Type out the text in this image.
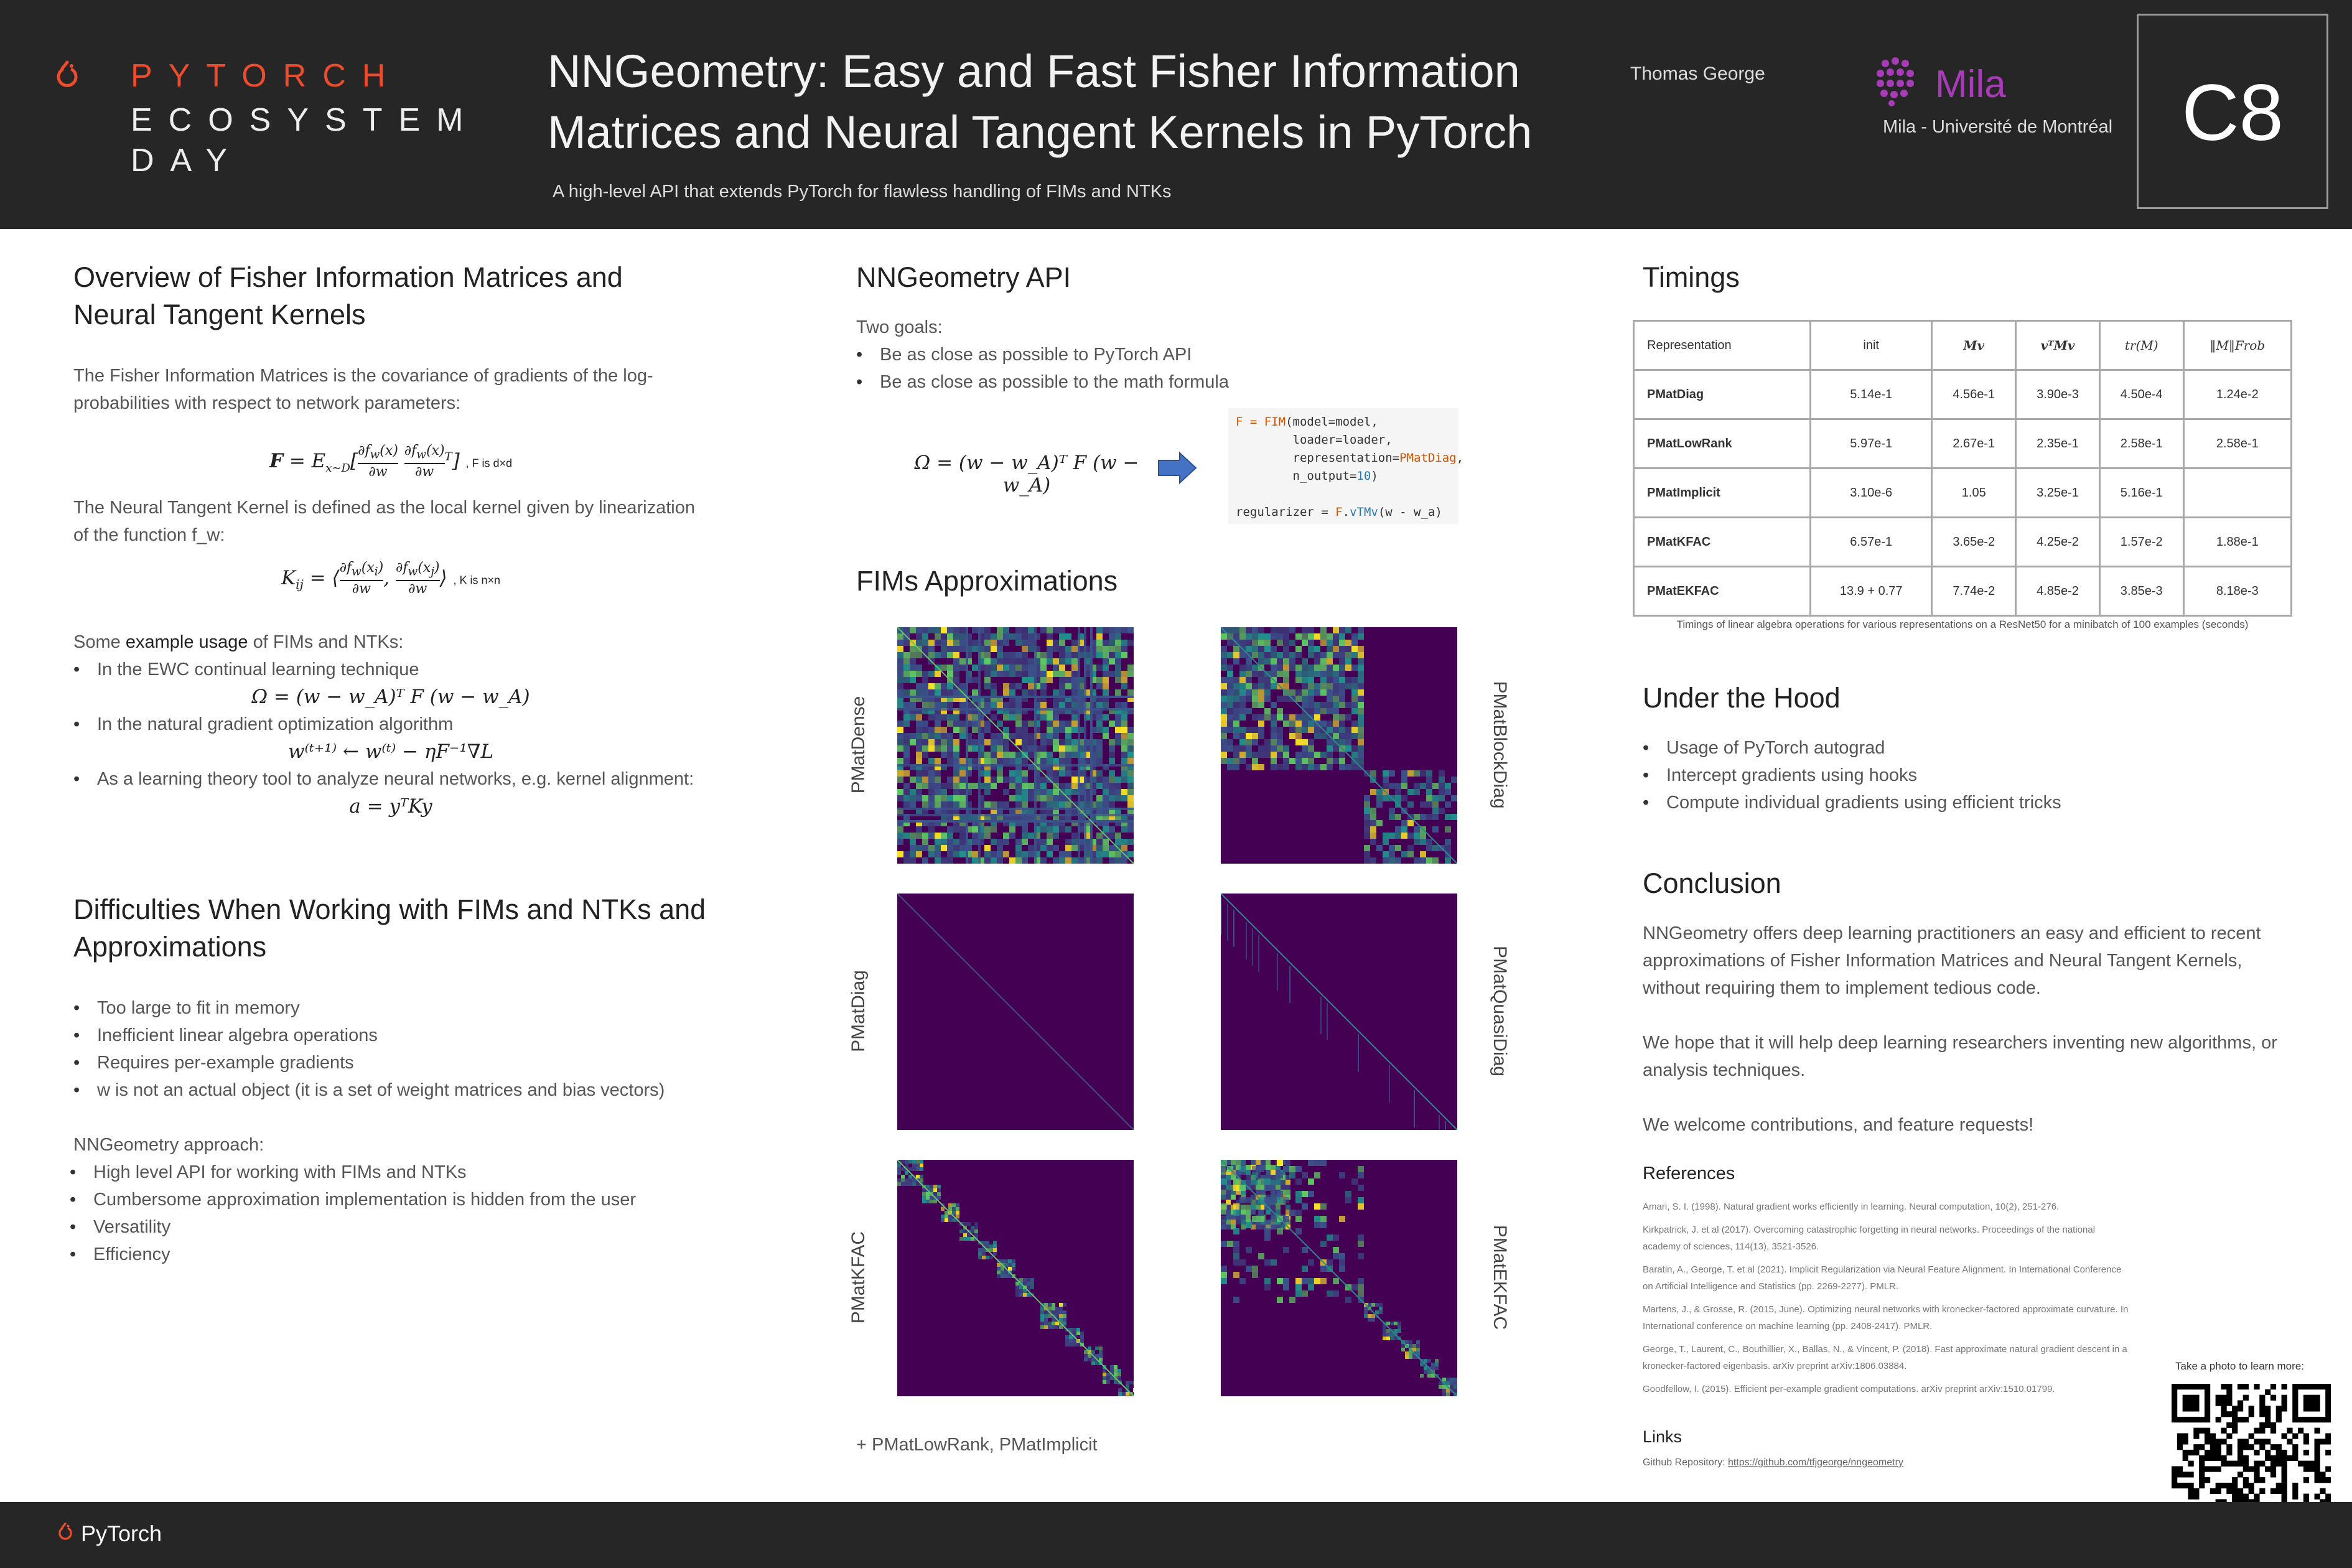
PYTORCH
ECOSYSTEM
DAY
NNGeometry: Easy and Fast Fisher Information Matrices and Neural Tangent Kernels in PyTorch
A high-level API that extends PyTorch for flawless handling of FIMs and NTKs
Thomas George	Mila
Mila - Université de Montréal C8
Overview of Fisher Information Matrices and Neural Tangent Kernels
The Fisher Information Matrices is the covariance of gradients of the log-probabilities with respect to network parameters:
$F = E_{x\sim D}[ \frac{\partial f_w(x)}{\partial w}$
$\frac{\partial f_w(x)}{\partial w} ^T$] , F is d×d
The Neural Tangent Kernel is defined as the local kernel given by linearization of the function f_w:
$K_{ij}$ = ⟨ $\frac{\partial f_w(x_i)}{\partial w}$ , $\frac{\partial f_w(x_j)}{\partial w}$ ⟩ , K is n×n
Some example usage of FIMs and NTKs:
• In the EWC continual learning technique
Ω = (w − w_A)ᵀ F (w − w_A)
• In the natural gradient optimization algorithm
w⁽ᵗ⁺¹⁾ ← w⁽ᵗ⁾ − ηF⁻¹∇L
• As a learning theory tool to analyze neural networks, e.g. kernel alignment:
a = yᵀKy
Difficulties When Working with FIMs and NTKs and Approximations
• Too large to fit in memory
• Inefficient linear algebra operations
• Requires per-example gradients
• w is not an actual object (it is a set of weight matrices and bias vectors)
NNGeometry approach:
• High level API for working with FIMs and NTKs
• Cumbersome approximation implementation is hidden from the user
• Versatility
• Efficiency
NNGeometry API
Two goals:
• Be as close as possible to PyTorch API
• Be as close as possible to the math formula
Ω = (w − w_A)ᵀ F (w − w_A)
F = FIM(model=model,
loader=loader,
representation=PMatDiag,
n_output=10)

regularizer = F.vTMv(w - w_a)
FIMs Approximations
PMatDense	PMatBlockDiag
PMatDiag	PMatQuasiDiag
PMatKFAC	PMatEKFAC
+ PMatLowRank, PMatImplicit
Timings
Representation	init	Mv	vᵀMv	tr(M)	‖M‖Frob
PMatDiag	5.14e-1	4.56e-1	3.90e-3	4.50e-4	1.24e-2
PMatLowRank	5.97e-1	2.67e-1	2.35e-1	2.58e-1	2.58e-1
PMatImplicit	3.10e-6	1.05	3.25e-1	5.16e-1	
PMatKFAC	6.57e-1	3.65e-2	4.25e-2	1.57e-2	1.88e-1
PMatEKFAC	13.9 + 0.77	7.74e-2	4.85e-2	3.85e-3	8.18e-3
Timings of linear algebra operations for various representations on a ResNet50 for a minibatch of 100 examples (seconds)
Under the Hood
• Usage of PyTorch autograd
• Intercept gradients using hooks
• Compute individual gradients using efficient tricks
Conclusion
NNGeometry offers deep learning practitioners an easy and efficient to recent approximations of Fisher Information Matrices and Neural Tangent Kernels, without requiring them to implement tedious code.
We hope that it will help deep learning researchers inventing new algorithms, or analysis techniques.
We welcome contributions, and feature requests!
References
Amari, S. I. (1998). Natural gradient works efficiently in learning. Neural computation, 10(2), 251-276.
Kirkpatrick, J. et al (2017). Overcoming catastrophic forgetting in neural networks. Proceedings of the national academy of sciences, 114(13), 3521-3526.
Baratin, A., George, T. et al (2021). Implicit Regularization via Neural Feature Alignment. In International Conference on Artificial Intelligence and Statistics (pp. 2269-2277). PMLR.
Martens, J., & Grosse, R. (2015, June). Optimizing neural networks with kronecker-factored approximate curvature. In International conference on machine learning (pp. 2408-2417). PMLR.
George, T., Laurent, C., Bouthillier, X., Ballas, N., & Vincent, P. (2018). Fast approximate natural gradient descent in a kronecker-factored eigenbasis. arXiv preprint arXiv:1806.03884.
Goodfellow, I. (2015). Efficient per-example gradient computations. arXiv preprint arXiv:1510.01799.
Links
Github Repository: https://github.com/tfjgeorge/nngeometry
Take a photo to learn more:
PyTorch
